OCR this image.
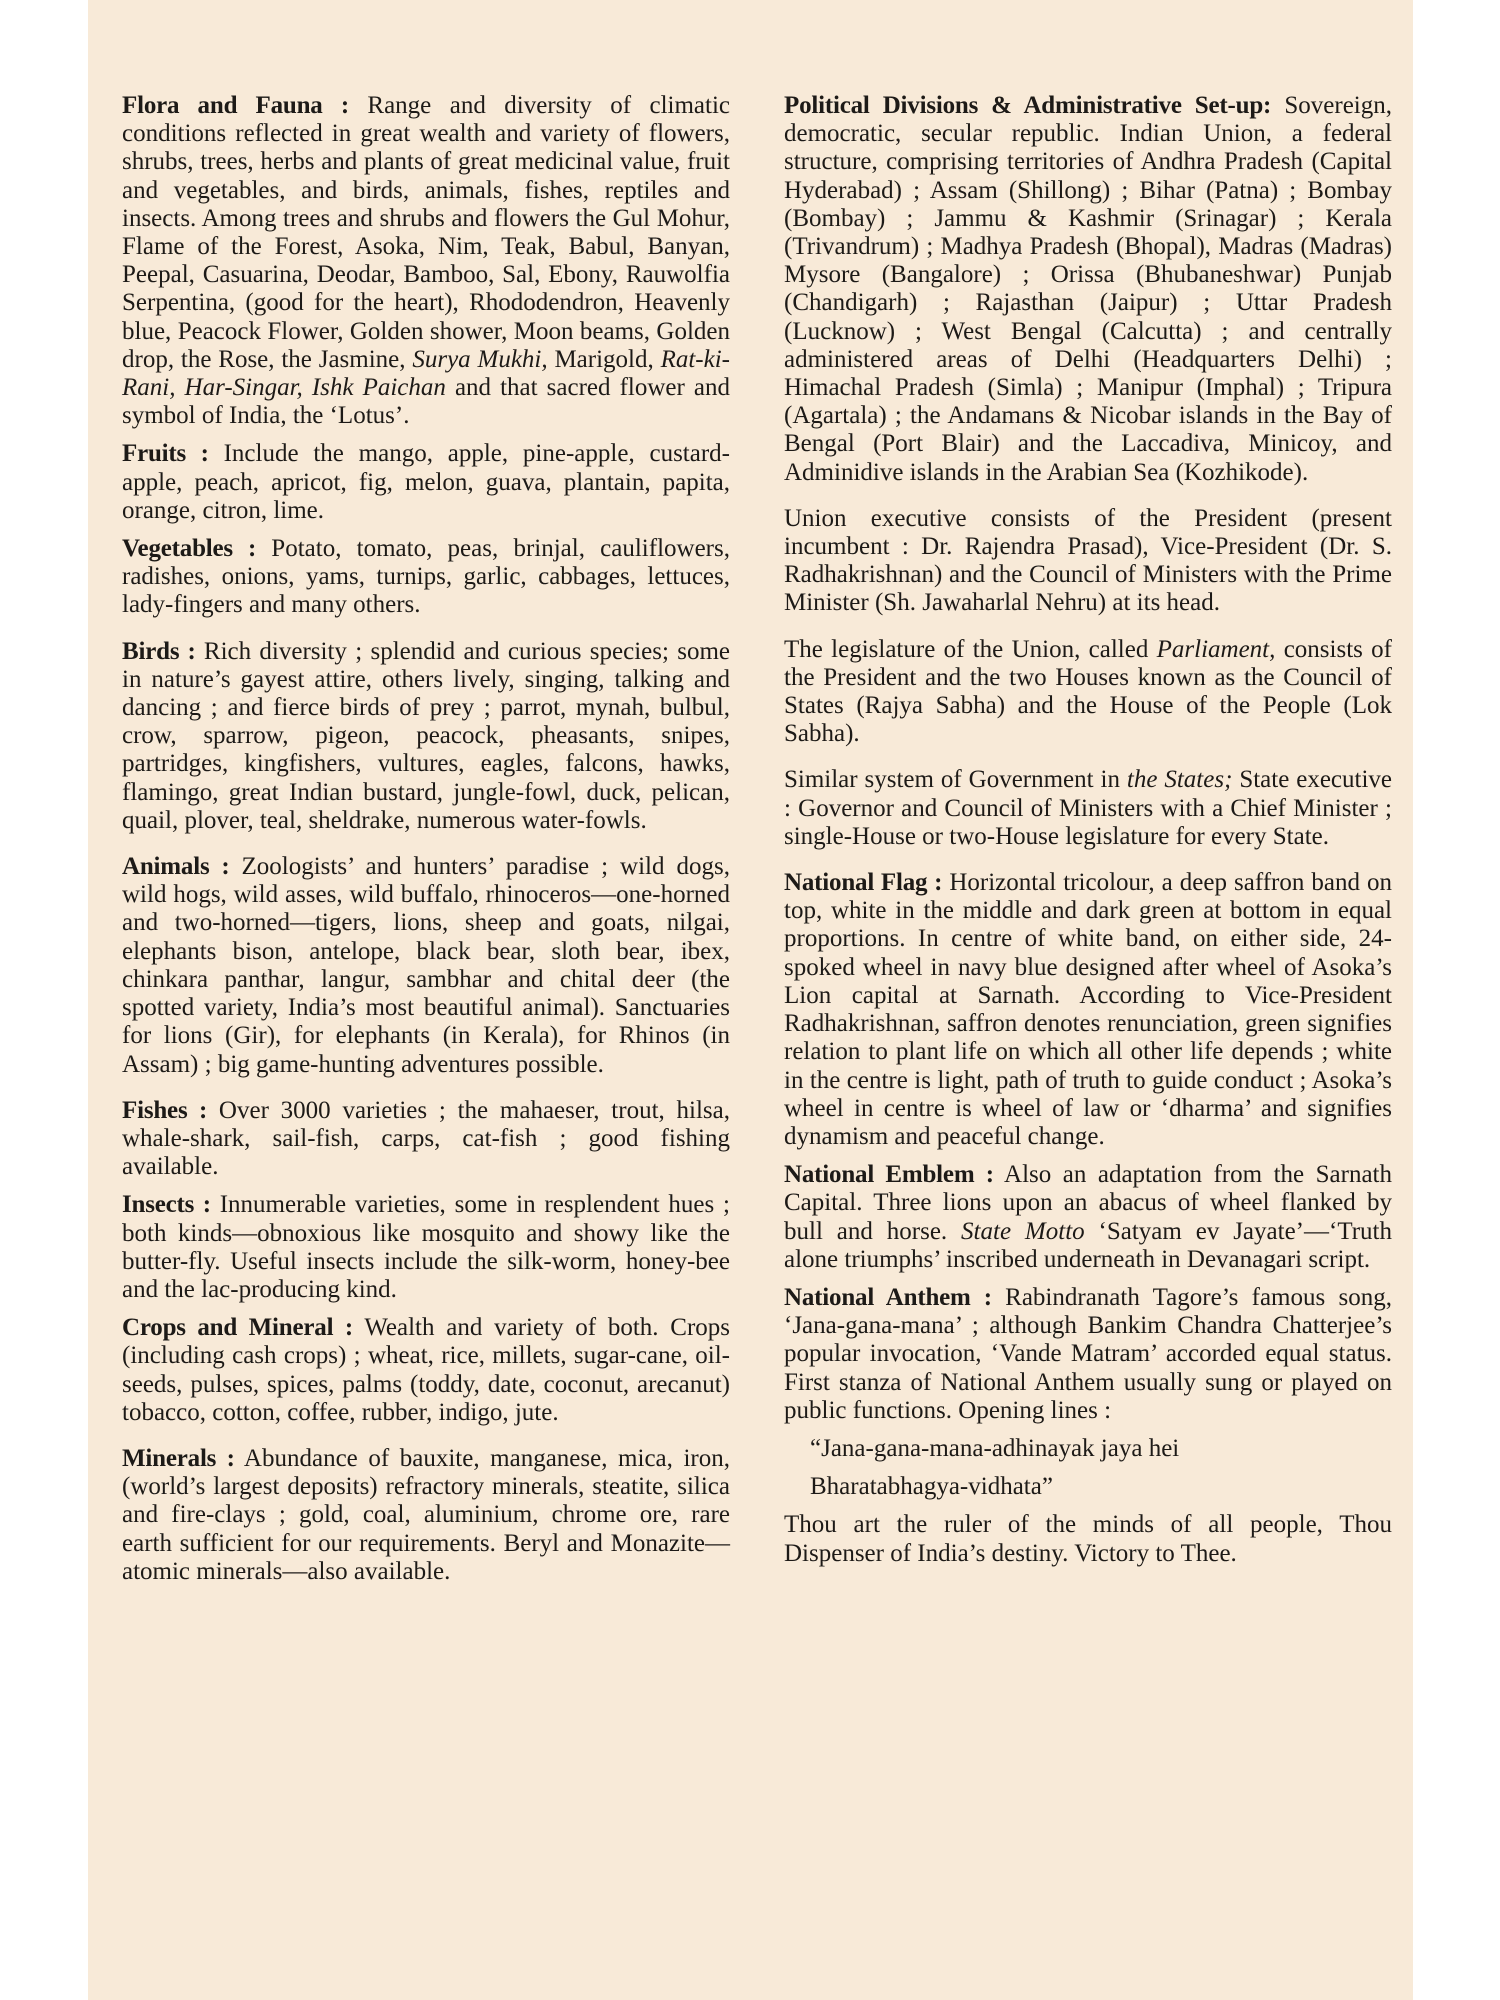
Flora and Fauna : Range and diversity of climatic conditions reflected in great wealth and variety of flowers, shrubs, trees, herbs and plants of great medicinal value, fruit and vegetables, and birds, animals, fishes, reptiles and insects. Among trees and shrubs and flowers the Gul Mohur, Flame of the Forest, Asoka, Nim, Teak, Babul, Banyan, Peepal, Casuarina, Deodar, Bamboo, Sal, Ebony, Rauwolfia Serpentina, (good for the heart), Rhododendron, Heavenly blue, Peacock Flower, Golden shower, Moon beams, Golden drop, the Rose, the Jasmine, Surya Mukhi, Marigold, Rat-ki-Rani, Har-Singar, Ishk Paichan and that sacred flower and symbol of India, the ‘Lotus’.

Fruits : Include the mango, apple, pine-apple, custard-apple, peach, apricot, fig, melon, guava, plantain, papita, orange, citron, lime.

Vegetables : Potato, tomato, peas, brinjal, cauliflowers, radishes, onions, yams, turnips, garlic, cabbages, lettuces, lady-fingers and many others.

Birds : Rich diversity ; splendid and curious species; some in nature’s gayest attire, others lively, singing, talking and dancing ; and fierce birds of prey ; parrot, mynah, bulbul, crow, sparrow, pigeon, peacock, pheasants, snipes, partridges, kingfishers, vultures, eagles, falcons, hawks, flamingo, great Indian bustard, jungle-fowl, duck, pelican, quail, plover, teal, sheldrake, numerous water-fowls.

Animals : Zoologists’ and hunters’ paradise ; wild dogs, wild hogs, wild asses, wild buffalo, rhinoceros—one-horned and two-horned—tigers, lions, sheep and goats, nilgai, elephants bison, antelope, black bear, sloth bear, ibex, chinkara panthar, langur, sambhar and chital deer (the spotted variety, India’s most beautiful animal). Sanctuaries for lions (Gir), for elephants (in Kerala), for Rhinos (in Assam) ; big game-hunting adventures possible.

Fishes : Over 3000 varieties ; the mahaeser, trout, hilsa, whale-shark, sail-fish, carps, cat-fish ; good fishing available.

Insects : Innumerable varieties, some in resplendent hues ; both kinds—obnoxious like mosquito and showy like the butter-fly. Useful insects include the silk-worm, honey-bee and the lac-producing kind.

Crops and Mineral : Wealth and variety of both. Crops (including cash crops) ; wheat, rice, millets, sugar-cane, oil-seeds, pulses, spices, palms (toddy, date, coconut, arecanut) tobacco, cotton, coffee, rubber, indigo, jute.

Minerals : Abundance of bauxite, manganese, mica, iron, (world’s largest deposits) refractory minerals, steatite, silica and fire-clays ; gold, coal, aluminium, chrome ore, rare earth sufficient for our requirements. Beryl and Monazite—atomic minerals—also available.

Political Divisions & Administrative Set-up: Sovereign, democratic, secular republic. Indian Union, a federal structure, comprising territories of Andhra Pradesh (Capital Hyderabad) ; Assam (Shillong) ; Bihar (Patna) ; Bombay (Bombay) ; Jammu & Kashmir (Srinagar) ; Kerala (Trivandrum) ; Madhya Pradesh (Bhopal), Madras (Madras) Mysore (Bangalore) ; Orissa (Bhubaneshwar) Punjab (Chandigarh) ; Rajasthan (Jaipur) ; Uttar Pradesh (Lucknow) ; West Bengal (Calcutta) ; and centrally administered areas of Delhi (Headquarters Delhi) ; Himachal Pradesh (Simla) ; Manipur (Imphal) ; Tripura (Agartala) ; the Andamans & Nicobar islands in the Bay of Bengal (Port Blair) and the Laccadiva, Minicoy, and Adminidive islands in the Arabian Sea (Kozhikode).

Union executive consists of the President (present incumbent : Dr. Rajendra Prasad), Vice-President (Dr. S. Radhakrishnan) and the Council of Ministers with the Prime Minister (Sh. Jawaharlal Nehru) at its head.

The legislature of the Union, called Parliament, consists of the President and the two Houses known as the Council of States (Rajya Sabha) and the House of the People (Lok Sabha).

Similar system of Government in the States; State executive : Governor and Council of Ministers with a Chief Minister ; single-House or two-House legislature for every State.

National Flag : Horizontal tricolour, a deep saffron band on top, white in the middle and dark green at bottom in equal proportions. In centre of white band, on either side, 24-spoked wheel in navy blue designed after wheel of Asoka’s Lion capital at Sarnath. According to Vice-President Radhakrishnan, saffron denotes renunciation, green signifies relation to plant life on which all other life depends ; white in the centre is light, path of truth to guide conduct ; Asoka’s wheel in centre is wheel of law or ‘dharma’ and signifies dynamism and peaceful change.

National Emblem : Also an adaptation from the Sarnath Capital. Three lions upon an abacus of wheel flanked by bull and horse. State Motto ‘Satyam ev Jayate’—‘Truth alone triumphs’ inscribed underneath in Devanagari script.

National Anthem : Rabindranath Tagore’s famous song, ‘Jana-gana-mana’ ; although Bankim Chandra Chatterjee’s popular invocation, ‘Vande Matram’ accorded equal status. First stanza of National Anthem usually sung or played on public functions. Opening lines :

“Jana-gana-mana-adhinayak jaya hei

Bharatabhagya-vidhata”

Thou art the ruler of the minds of all people, Thou Dispenser of India’s destiny. Victory to Thee.
